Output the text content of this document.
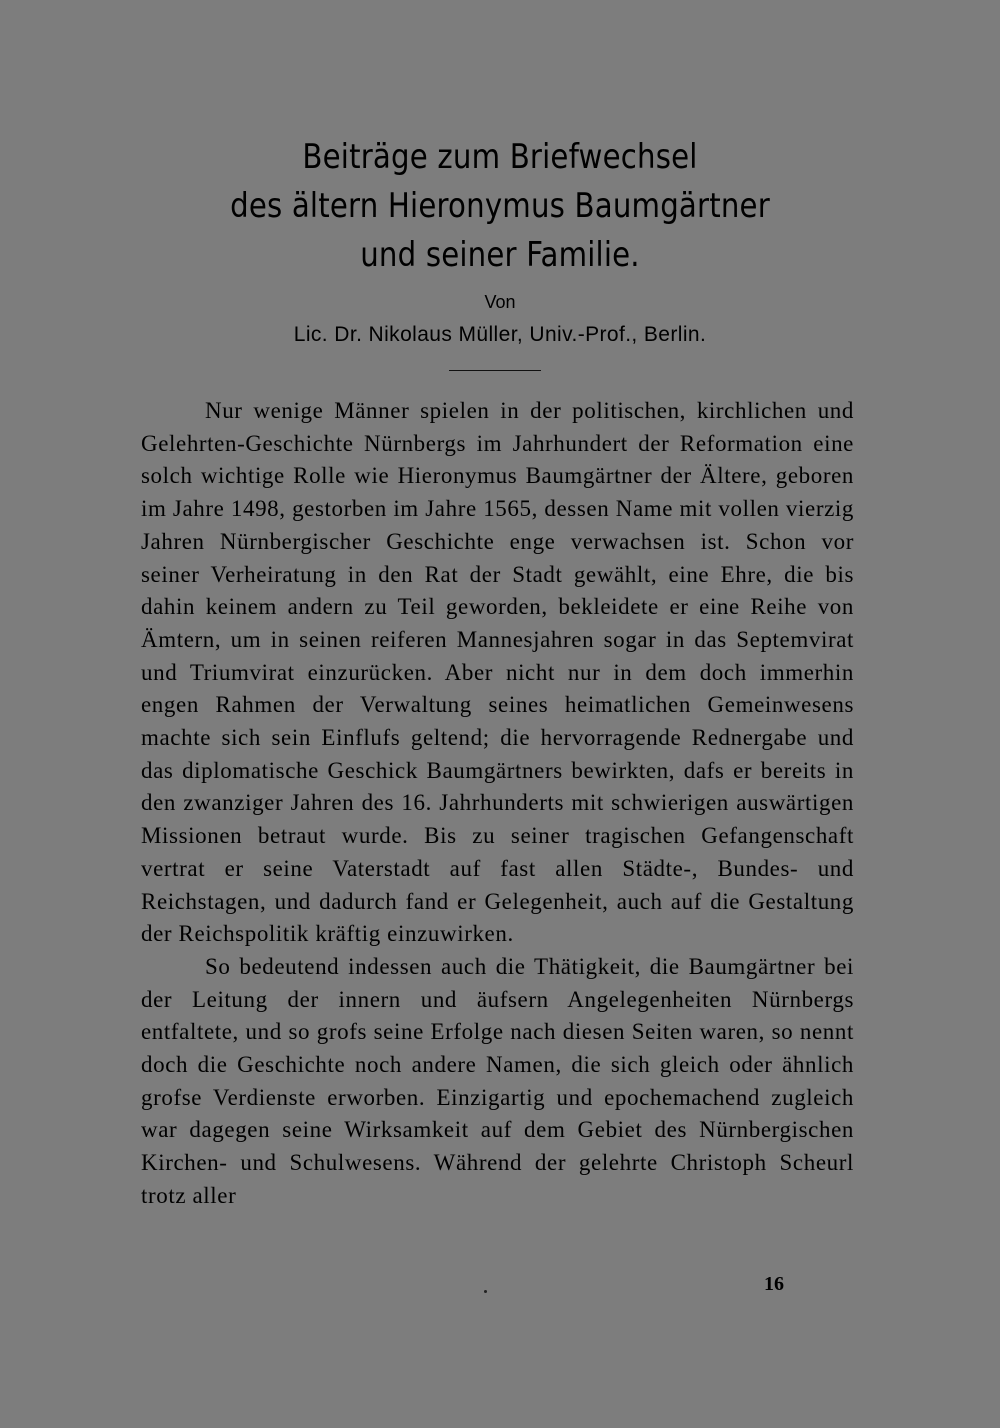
Beiträge zum Briefwechsel
des ältern Hieronymus Baumgärtner
und seiner Familie.
Von
Lic. Dr. Nikolaus Müller, Univ.-Prof., Berlin.

Nur wenige Männer spielen in der politischen, kirchlichen und Gelehrten-Geschichte Nürnbergs im Jahrhundert der Reformation eine solch wichtige Rolle wie Hieronymus Baumgärtner der Ältere, geboren im Jahre 1498, gestorben im Jahre 1565, dessen Name mit vollen vierzig Jahren Nürnbergischer Geschichte enge verwachsen ist. Schon vor seiner Verheiratung in den Rat der Stadt gewählt, eine Ehre, die bis dahin keinem andern zu Teil geworden, bekleidete er eine Reihe von Ämtern, um in seinen reiferen Mannesjahren sogar in das Septemvirat und Triumvirat einzurücken. Aber nicht nur in dem doch immerhin engen Rahmen der Verwaltung seines heimatlichen Gemeinwesens machte sich sein Einflufs geltend; die hervorragende Rednergabe und das diplomatische Geschick Baumgärtners bewirkten, dafs er bereits in den zwanziger Jahren des 16. Jahrhunderts mit schwierigen auswärtigen Missionen betraut wurde. Bis zu seiner tragischen Gefangenschaft vertrat er seine Vaterstadt auf fast allen Städte-, Bundes- und Reichstagen, und dadurch fand er Gelegenheit, auch auf die Gestaltung der Reichspolitik kräftig einzuwirken.

So bedeutend indessen auch die Thätigkeit, die Baumgärtner bei der Leitung der innern und äufsern Angelegenheiten Nürnbergs entfaltete, und so grofs seine Erfolge nach diesen Seiten waren, so nennt doch die Geschichte noch andere Namen, die sich gleich oder ähnlich grofse Verdienste erworben. Einzigartig und epochemachend zugleich war dagegen seine Wirksamkeit auf dem Gebiet des Nürnbergischen Kirchen- und Schulwesens. Während der gelehrte Christoph Scheurl trotz aller

16
